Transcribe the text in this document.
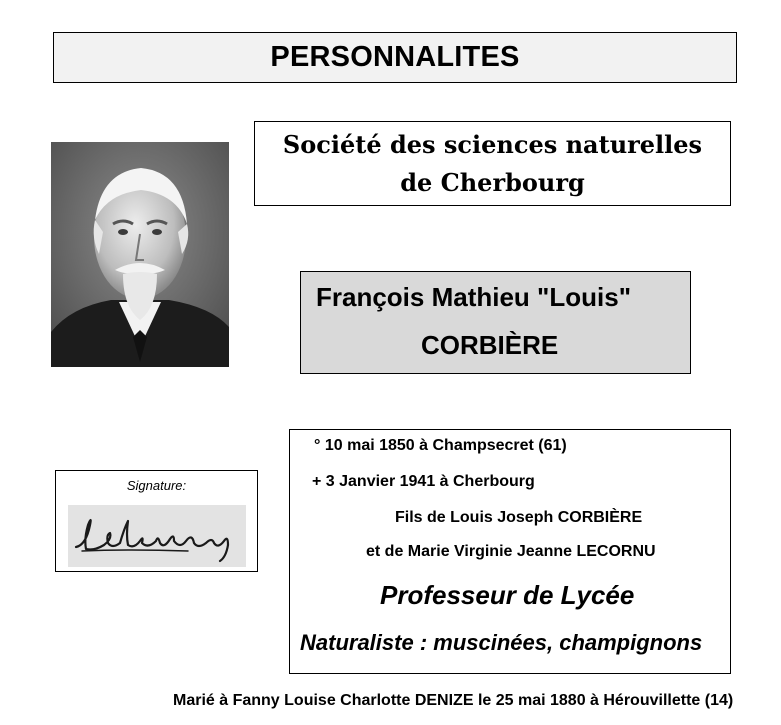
PERSONNALITES
Société des sciences naturelles
de Cherbourg
François Mathieu "Louis"
CORBIÈRE
Signature:
° 10 mai 1850 à Champsecret (61)
+ 3 Janvier 1941 à Cherbourg
Fils de Louis Joseph CORBIÈRE
et de Marie Virginie Jeanne LECORNU
Professeur de Lycée
Naturaliste : muscinées, champignons
Marié à Fanny Louise Charlotte DENIZE le 25 mai 1880 à Hérouvillette (14)
